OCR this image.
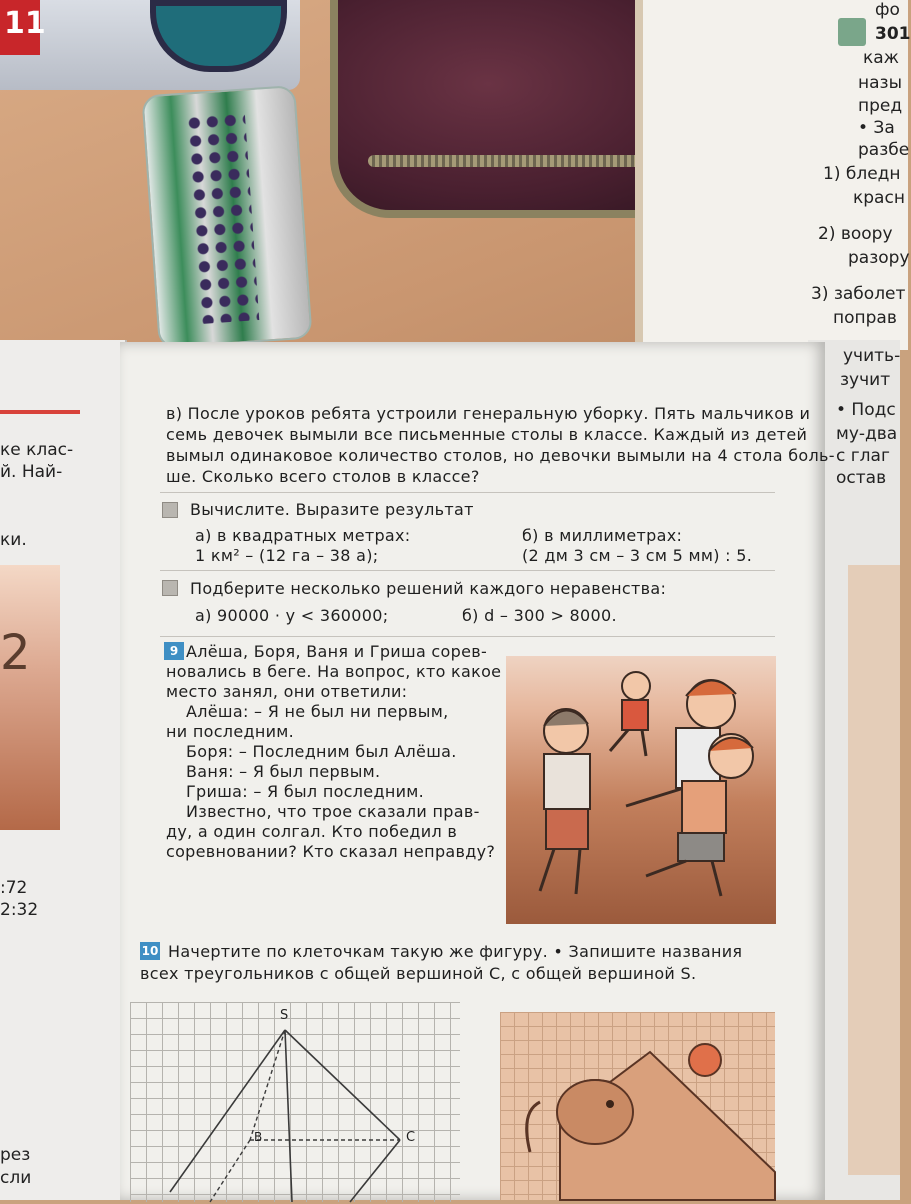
11	фо
301
каж
назы
пред
• За
разбе
1) бледн
красн
2) воору
разору
3) заболет
поправ
ке клас-
й. Най-
ки.
2
:72
2:32
рез
сли
учить-
зучит
• Подс
му-два
с глаг
остав
в) После уроков ребята устроили генеральную уборку. Пять мальчиков и
семь девочек вымыли все письменные столы в классе. Каждый из детей
вымыл одинаковое количество столов, но девочки вымыли на 4 стола боль-
ше. Сколько всего столов в классе?
Вычислите. Выразите результат
а) в квадратных метрах:
1 км² – (12 га – 38 а);
б) в миллиметрах:
(2 дм 3 см – 3 см 5 мм) : 5.
Подберите несколько решений каждого неравенства:
а) 90000 · y < 360000;	б) d – 300 > 8000.
9 Алёша, Боря, Ваня и Гриша сорев-
новались в беге. На вопрос, кто какое
место занял, они ответили:
Алёша: – Я не был ни первым,
ни последним.
Боря: – Последним был Алёша.
Ваня: – Я был первым.
Гриша: – Я был последним.
Известно, что трое сказали прав-
ду, а один солгал. Кто победил в
соревновании? Кто сказал неправду?
10 Начертите по клеточкам такую же фигуру. • Запишите названия
всех треугольников с общей вершиной С, с общей вершиной S.
S
B	C
